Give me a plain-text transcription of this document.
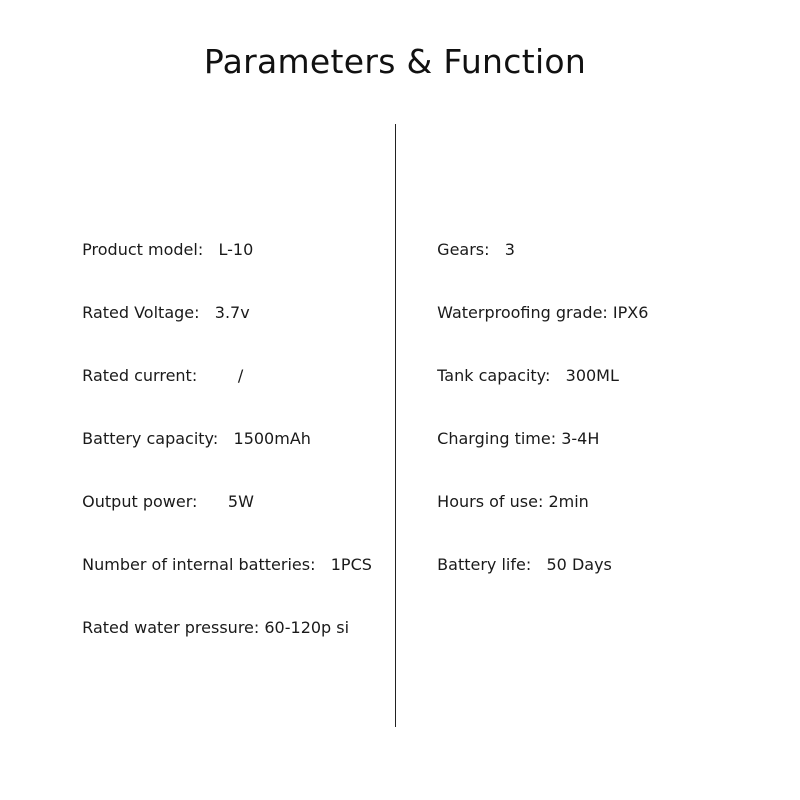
Parameters & Function

Product model: L-10

Rated Voltage: 3.7v

Rated current:	/

Battery capacity: 1500mAh

Output power: 5W

Number of internal batteries: 1PCS

Rated water pressure: 60-120p si

Gears: 3

Waterproofing grade: IPX6

Tank capacity: 300ML

Charging time: 3-4H

Hours of use: 2min

Battery life: 50 Days
